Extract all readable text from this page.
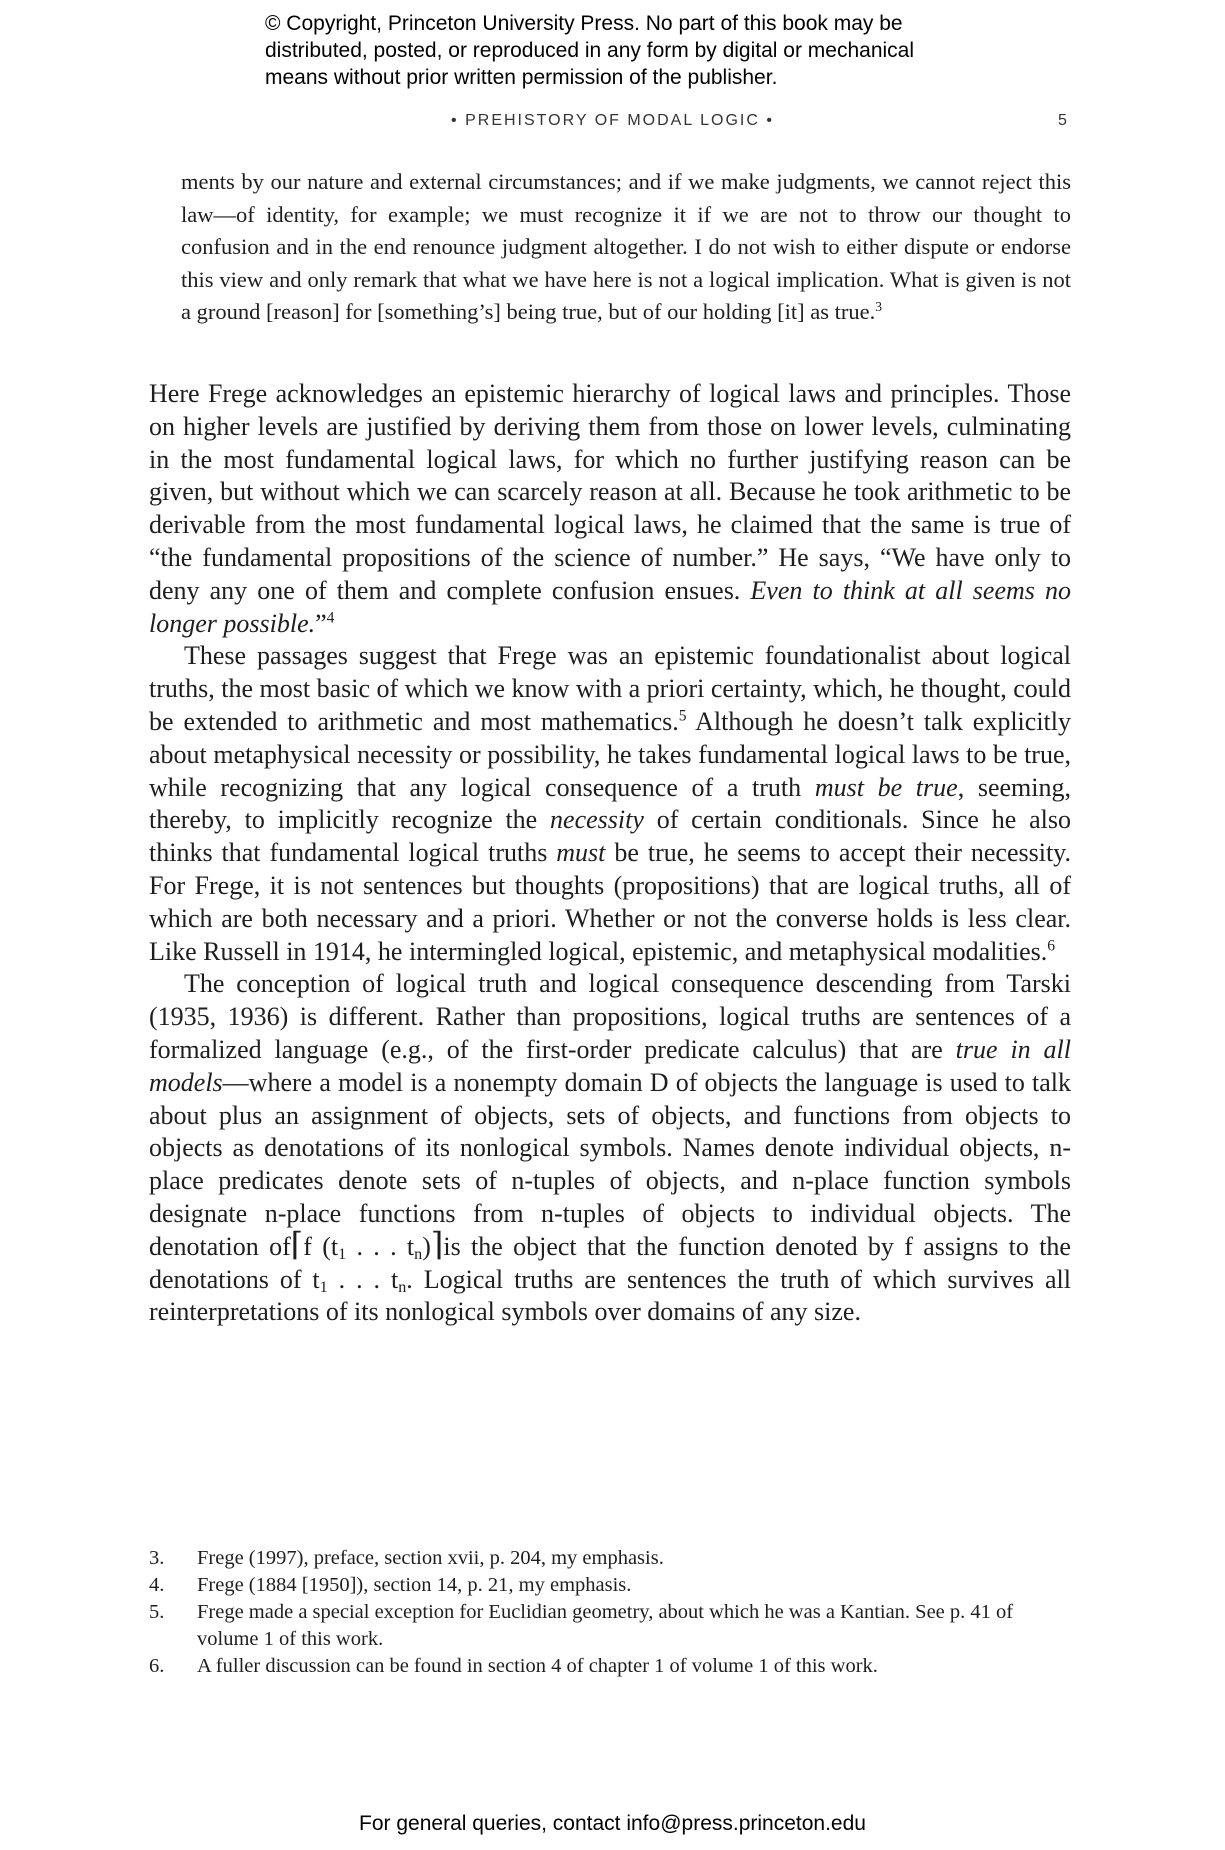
© Copyright, Princeton University Press. No part of this book may be
distributed, posted, or reproduced in any form by digital or mechanical
means without prior written permission of the publisher.
• PREHISTORY OF MODAL LOGIC •	5
ments by our nature and external circumstances; and if we make judgments, we cannot reject this law—of identity, for example; we must recognize it if we are not to throw our thought to confusion and in the end renounce judgment altogether. I do not wish to either dispute or endorse this view and only remark that what we have here is not a logical implication. What is given is not a ground [reason] for [something’s] being true, but of our holding [it] as true.$^3$

Here Frege acknowledges an epistemic hierarchy of logical laws and principles. Those on higher levels are justified by deriving them from those on lower levels, culminating in the most fundamental logical laws, for which no further justifying reason can be given, but without which we can scarcely reason at all. Because he took arithmetic to be derivable from the most fundamental logical laws, he claimed that the same is true of “the fundamental propositions of the science of number.” He says, “We have only to deny any one of them and complete confusion ensues. Even to think at all seems no longer possible.”$^4$

These passages suggest that Frege was an epistemic foundationalist about logical truths, the most basic of which we know with a priori certainty, which, he thought, could be extended to arithmetic and most mathematics.$^5$ Although he doesn’t talk explicitly about metaphysical necessity or possibility, he takes fundamental logical laws to be true, while recognizing that any logical consequence of a truth must be true, seeming, thereby, to implicitly recognize the necessity of certain conditionals. Since he also thinks that fundamental logical truths must be true, he seems to accept their necessity. For Frege, it is not sentences but thoughts (propositions) that are logical truths, all of which are both necessary and a priori. Whether or not the converse holds is less clear. Like Russell in 1914, he intermingled logical, epistemic, and metaphysical modalities.$^6$

The conception of logical truth and logical consequence descending from Tarski (1935, 1936) is different. Rather than propositions, logical truths are sentences of a formalized language (e.g., of the first-order predicate calculus) that are true in all models—where a model is a nonempty domain D of objects the language is used to talk about plus an assignment of objects, sets of objects, and functions from objects to objects as denotations of its nonlogical symbols. Names denote individual objects, n-place predicates denote sets of n-tuples of objects, and n-place function symbols designate n-place functions from n-tuples of objects to individual objects. The denotation of⌈f ($t_1$ . . . $t_n)⌉is$ the object that the function denoted by f assigns to the denotations of $t_1$ . . . $t_n$. Logical truths are sentences the truth of which survives all reinterpretations of its nonlogical symbols over domains of any size.

3.	Frege (1997), preface, section xvii, p. 204, my emphasis.
4.	Frege (1884 [1950]), section 14, p. 21, my emphasis.
5.	Frege made a special exception for Euclidian geometry, about which he was a Kantian. See p. 41 of volume 1 of this work.
6.	A fuller discussion can be found in section 4 of chapter 1 of volume 1 of this work.
For general queries, contact info@press.princeton.edu
